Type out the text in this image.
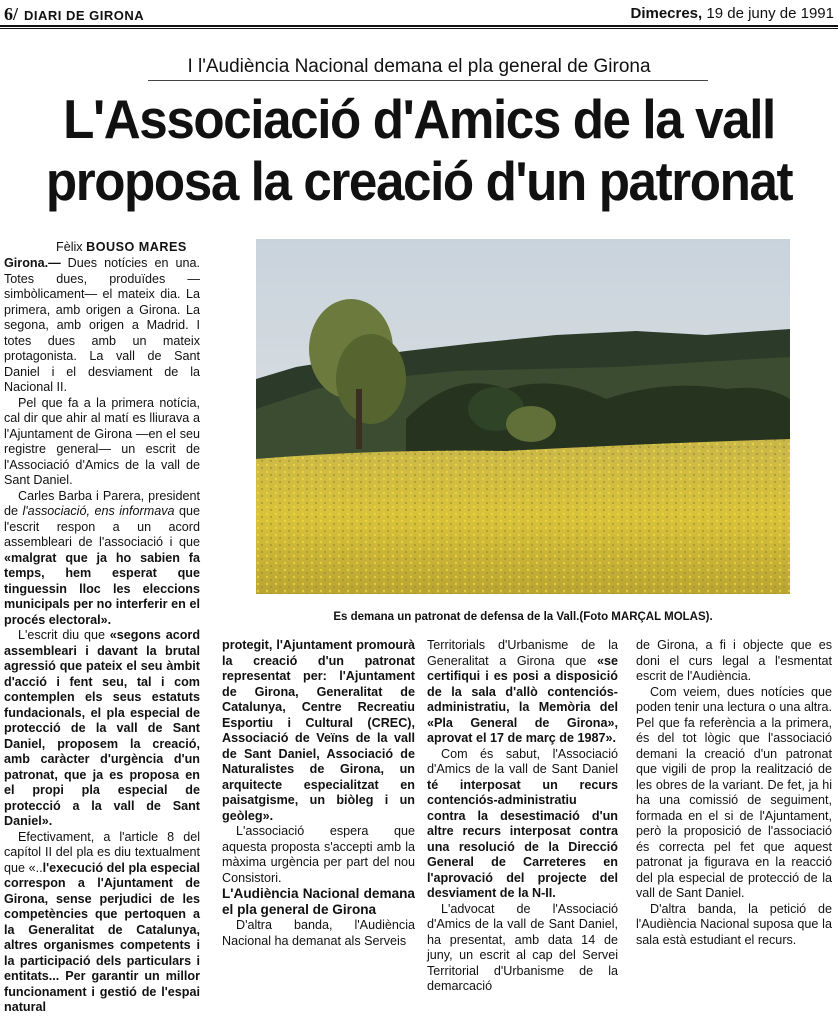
6/ DIARI DE GIRONA	Dimecres, 19 de juny de 1991
I l'Audiència Nacional demana el pla general de Girona
L'Associació d'Amics de la vall
proposa la creació d'un patronat
Fèlix BOUSO MARES
Es demana un patronat de defensa de la Vall.(Foto MARÇAL MOLAS).

Girona.— Dues notícies en una. Totes dues, produïdes —simbòlicament— el mateix dia. La primera, amb origen a Girona. La segona, amb origen a Madrid. I totes dues amb un mateix protagonista. La vall de Sant Daniel i el desviament de la Nacional II.

Pel que fa a la primera notícia, cal dir que ahir al matí es lliurava a l'Ajuntament de Girona —en el seu registre general— un escrit de l'Associació d'Amics de la vall de Sant Daniel.

Carles Barba i Parera, president de l'associació, ens informava que l'escrit respon a un acord assembleari de l'associació i que «malgrat que ja ho sabien fa temps, hem esperat que tinguessin lloc les eleccions municipals per no interferir en el procés electoral».

L'escrit diu que «segons acord assembleari i davant la brutal agressió que pateix el seu àmbit d'acció i fent seu, tal i com contemplen els seus estatuts fundacionals, el pla especial de protecció de la vall de Sant Daniel, proposem la creació, amb caràcter d'urgència d'un patronat, que ja es proposa en el propi pla especial de protecció a la vall de Sant Daniel».

Efectivament, a l'article 8 del capítol II del pla es diu textualment que «..l'execució del pla especial correspon a l'Ajuntament de Girona, sense perjudici de les competències que pertoquen a la Generalitat de Catalunya, altres organismes competents i la participació dels particulars i entitats... Per garantir un millor funcionament i gestió de l'espai natural

protegit, l'Ajuntament promourà la creació d'un patronat representat per: l'Ajuntament de Girona, Generalitat de Catalunya, Centre Recreatiu Esportiu i Cultural (CREC), Associació de Veïns de la vall de Sant Daniel, Associació de Naturalistes de Girona, un arquitecte especialitzat en paisatgisme, un biòleg i un geòleg».

L'associació espera que aquesta proposta s'accepti amb la màxima urgència per part del nou Consistori.

L'Audiència Nacional demana el pla general de Girona

D'altra banda, l'Audiència Nacional ha demanat als Serveis

Territorials d'Urbanisme de la Generalitat a Girona que «se certifiqui i es posi a disposició de la sala d'allò contenciós-administratiu, la Memòria del «Pla General de Girona», aprovat el 17 de març de 1987».

Com és sabut, l'Associació d'Amics de la vall de Sant Daniel té interposat un recurs contenciós-administratiu contra la desestimació d'un altre recurs interposat contra una resolució de la Direcció General de Carreteres en l'aprovació del projecte del desviament de la N-II.

L'advocat de l'Associació d'Amics de la vall de Sant Daniel, ha presentat, amb data 14 de juny, un escrit al cap del Servei Territorial d'Urbanisme de la demarcació

de Girona, a fi i objecte que es doni el curs legal a l'esmentat escrit de l'Audiència.

Com veiem, dues notícies que poden tenir una lectura o una altra. Pel que fa referència a la primera, és del tot lògic que l'associació demani la creació d'un patronat que vigili de prop la realització de les obres de la variant. De fet, ja hi ha una comissió de seguiment, formada en el si de l'Ajuntament, però la proposició de l'associació és correcta pel fet que aquest patronat ja figurava en la reacció del pla especial de protecció de la vall de Sant Daniel.

D'altra banda, la petició de l'Audiència Nacional suposa que la sala està estudiant el recurs.
